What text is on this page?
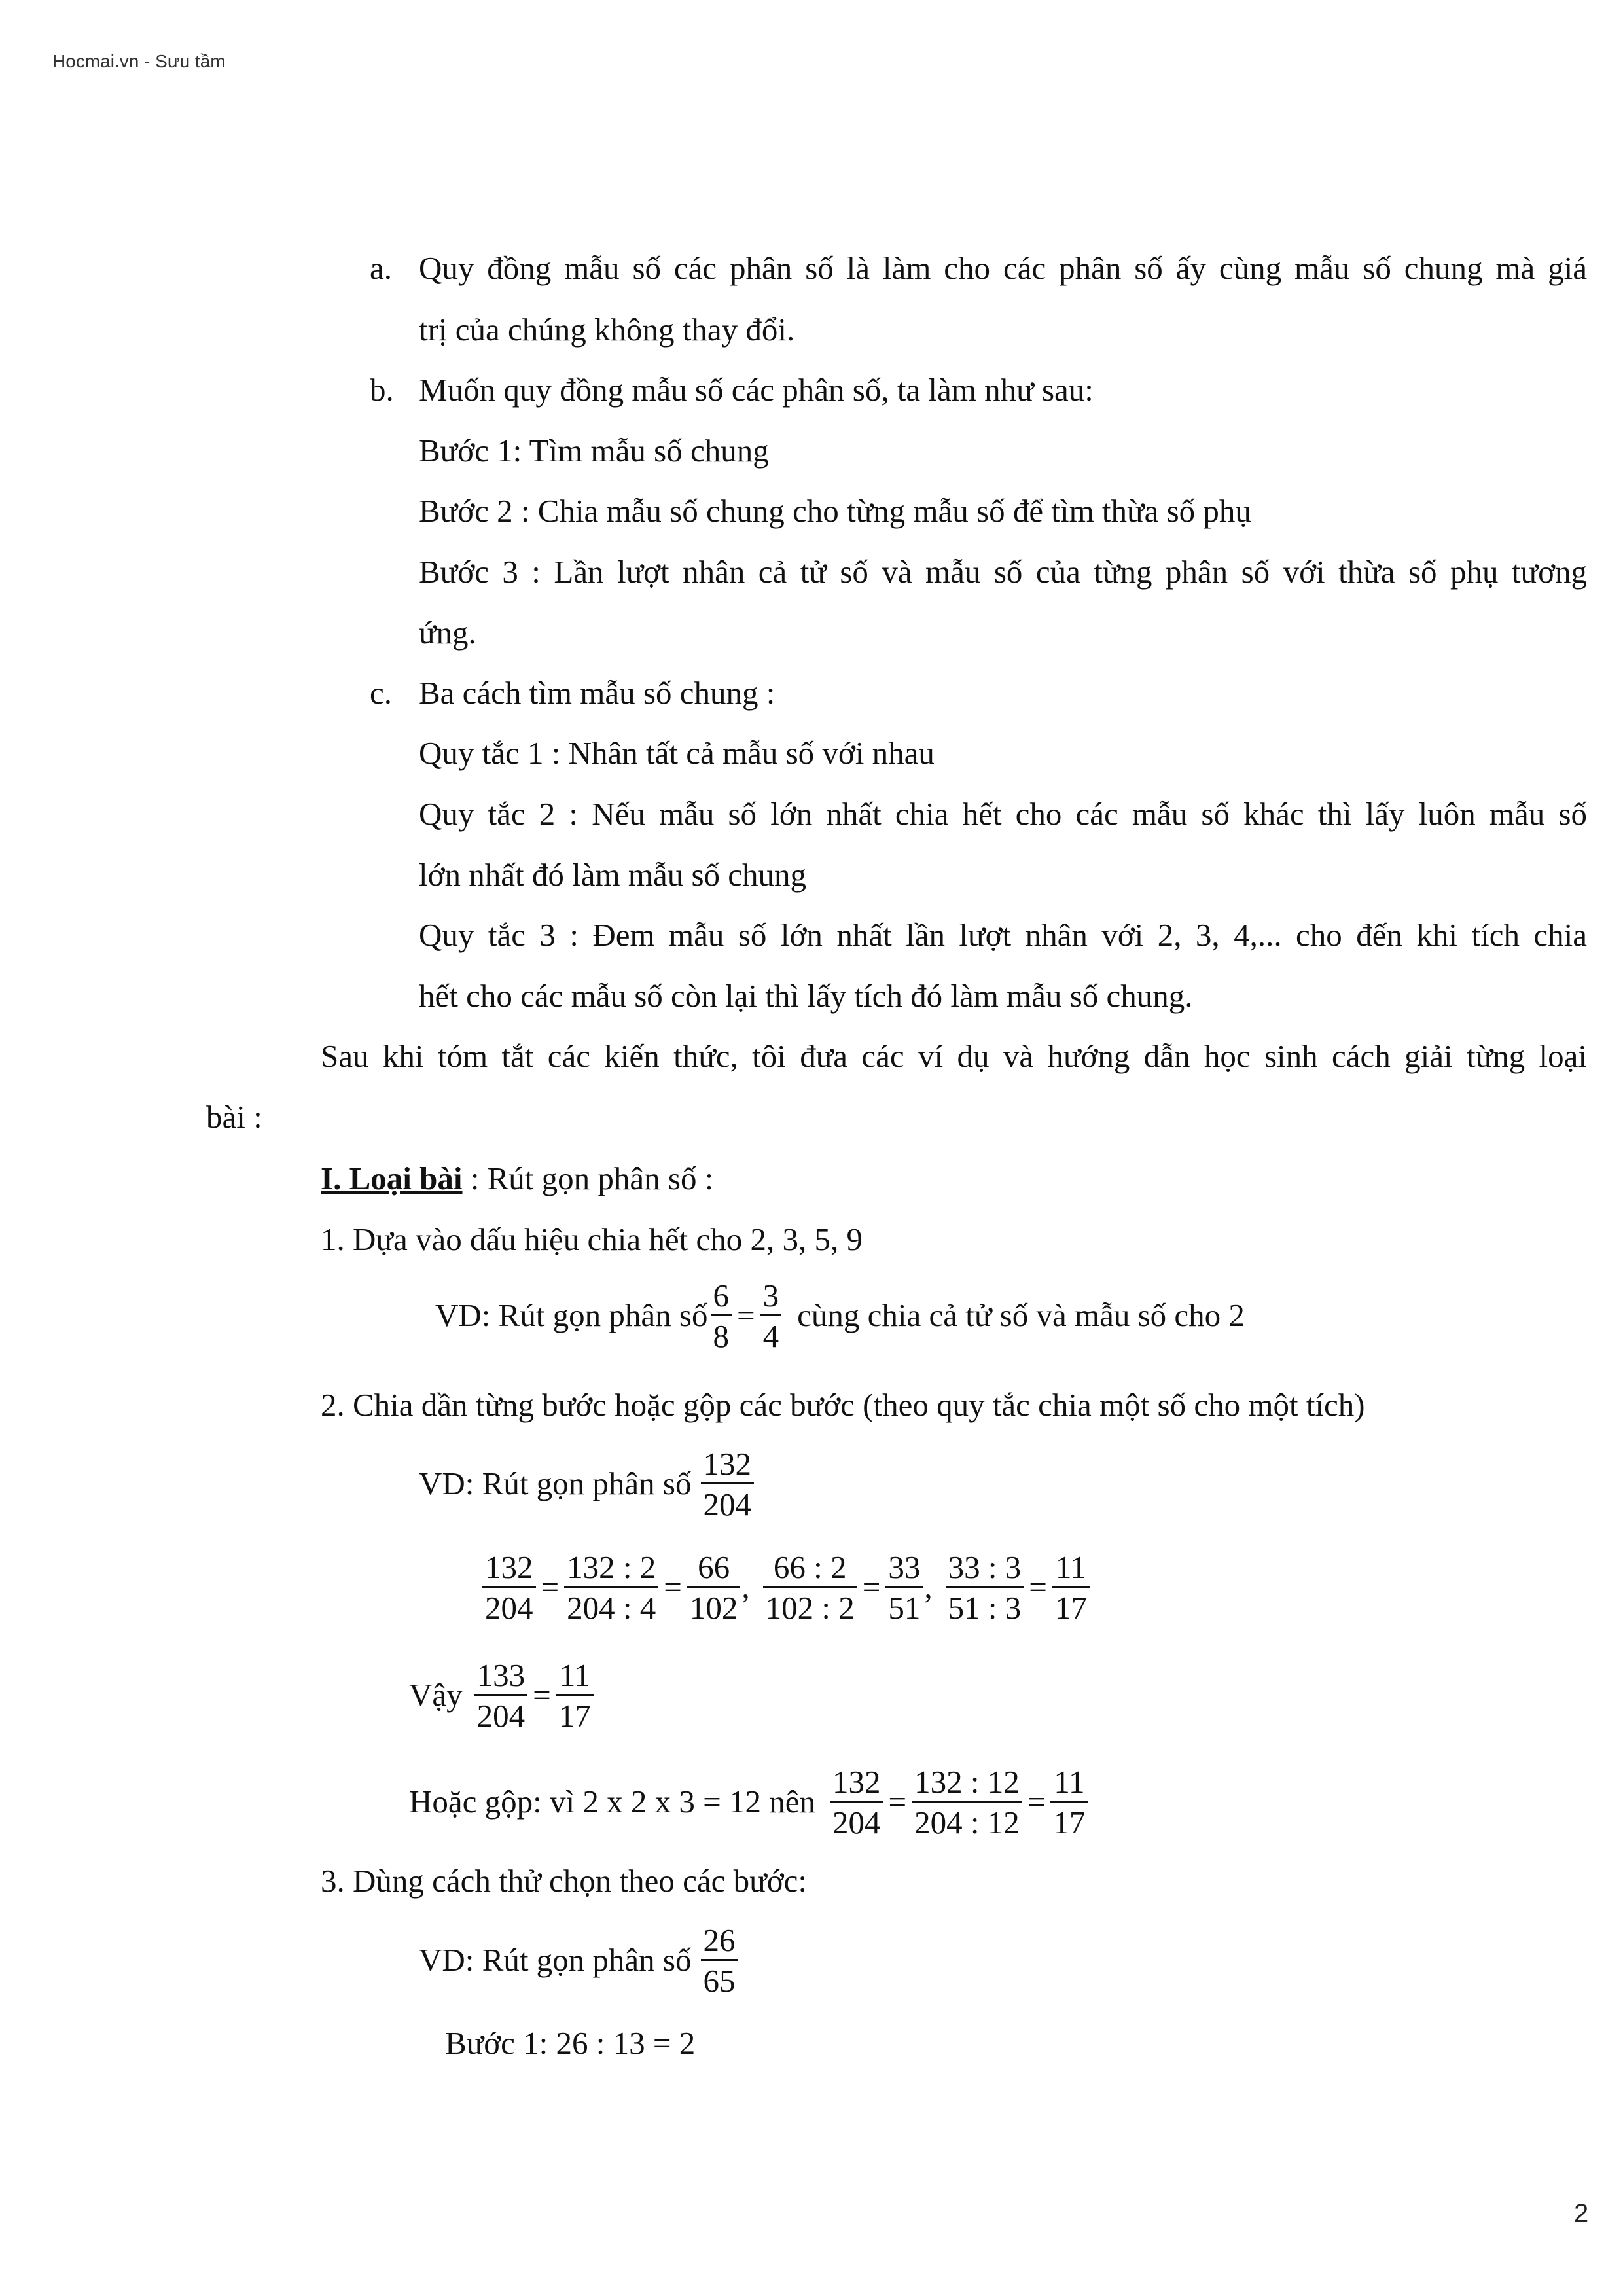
Hocmai.vn - Sưu tầm
a. Quy đồng mẫu số các phân số là làm cho các phân số ấy cùng mẫu số chung mà giá
trị của chúng không thay đổi.
b. Muốn quy đồng mẫu số các phân số, ta làm như sau:
Bước 1: Tìm mẫu số chung
Bước 2 : Chia mẫu số chung cho từng mẫu số để tìm thừa số phụ
Bước 3 : Lần lượt nhân cả tử số và mẫu số của từng phân số với thừa số phụ tương
ứng.
c. Ba cách tìm mẫu số chung :
Quy tắc 1 : Nhân tất cả mẫu số với nhau
Quy tắc 2 : Nếu mẫu số lớn nhất chia hết cho các mẫu số khác thì lấy luôn mẫu số
lớn nhất đó làm mẫu số chung
Quy tắc 3 : Đem mẫu số lớn nhất lần lượt nhân với 2, 3, 4,... cho đến khi tích chia
hết cho các mẫu số còn lại thì lấy tích đó làm mẫu số chung.
Sau khi tóm tắt các kiến thức, tôi đưa các ví dụ và hướng dẫn học sinh cách giải từng loại
bài :
I. Loại bài : Rút gọn phân số :
1. Dựa vào dấu hiệu chia hết cho 2, 3, 5, 9
VD: Rút gọn phân số $\frac{6}{8} = \frac{3}{4}$ cùng chia cả tử số và mẫu số cho 2
2. Chia dần từng bước hoặc gộp các bước (theo quy tắc chia một số cho một tích)
VD: Rút gọn phân số $\frac{132}{204}$
$\frac{132}{204} = \frac{132 : 2}{204 : 4} = \frac{66}{102}$ , $\frac{66 : 2}{102 : 2} = \frac{33}{51}$ , $\frac{33 : 3}{51 : 3} = \frac{11}{17}$
Vậy $\frac{133}{204} = \frac{11}{17}$
Hoặc gộp: vì 2 x 2 x 3 = 12 nên $\frac{132}{204} = \frac{132 : 12}{204 : 12} = \frac{11}{17}$
3. Dùng cách thử chọn theo các bước:
VD: Rút gọn phân số $\frac{26}{65}$
Bước 1: 26 : 13 = 2
2
